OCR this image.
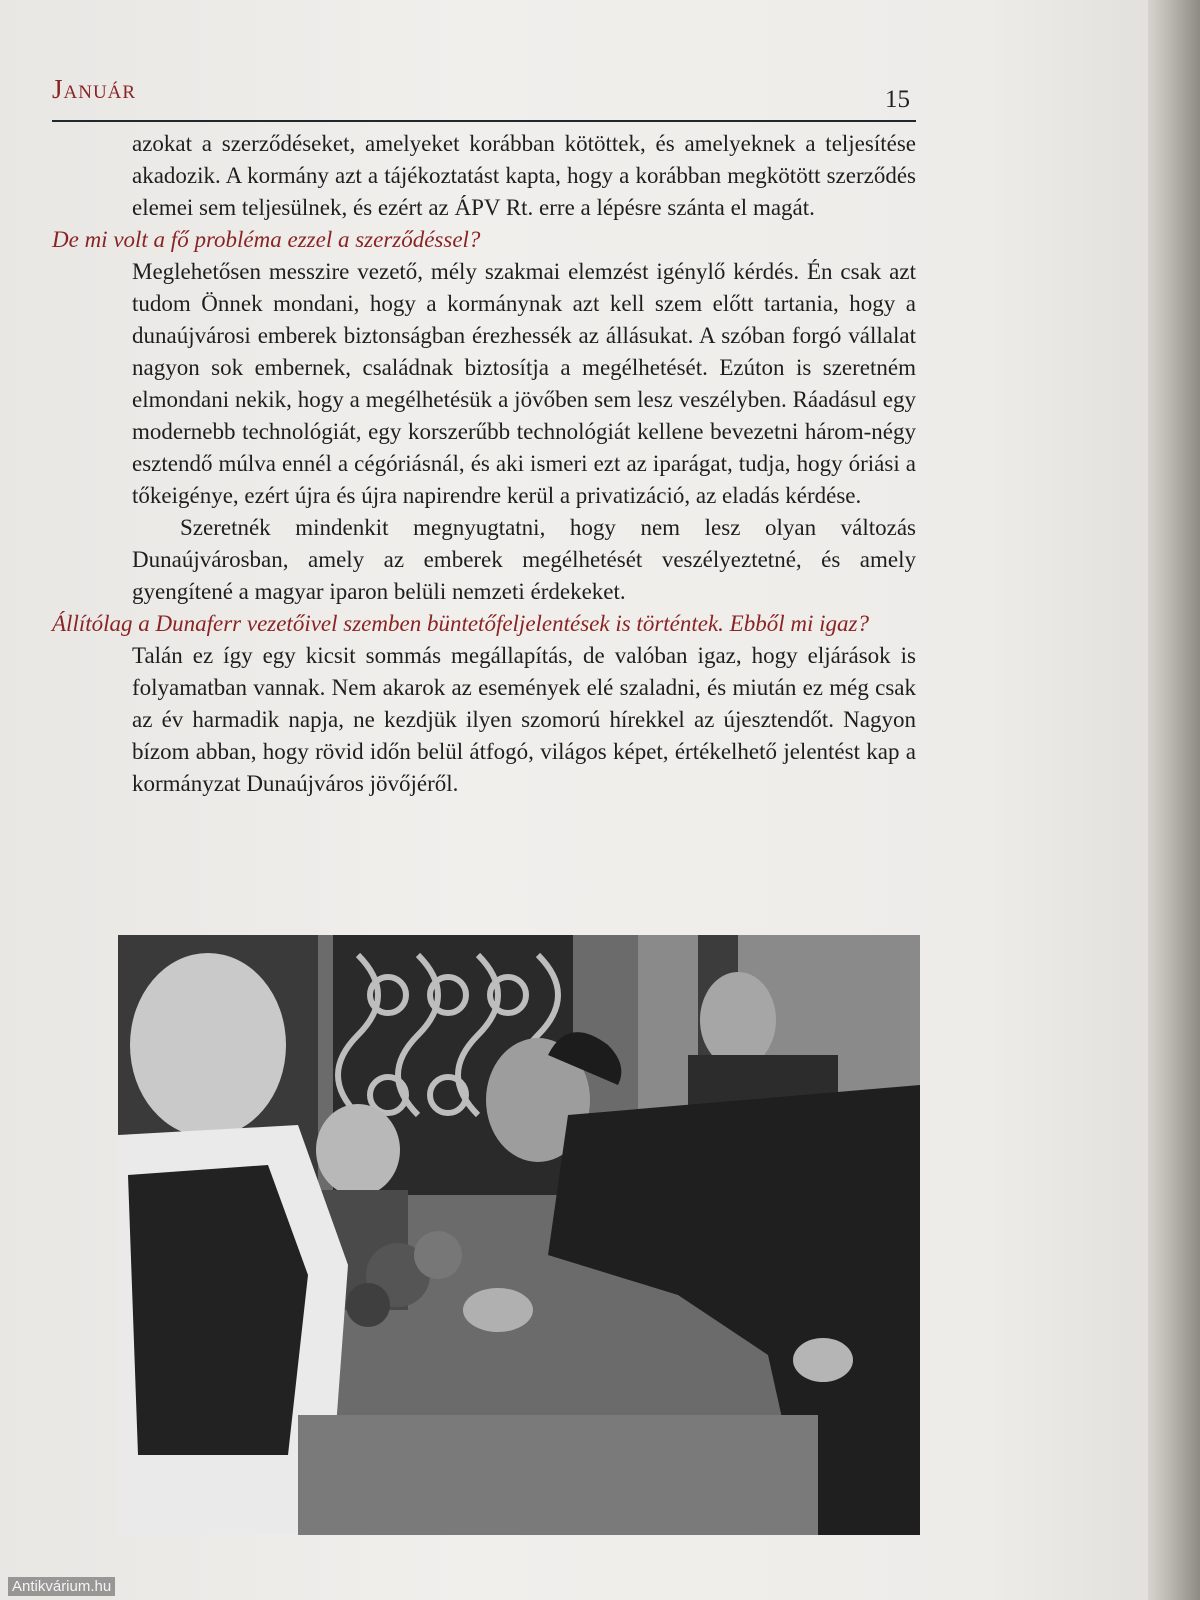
Január	15

azokat a szerződéseket, amelyeket korábban kötöttek, és amelyeknek a teljesítése akadozik. A kormány azt a tájékoztatást kapta, hogy a korábban megkötött szerződés elemei sem teljesülnek, és ezért az ÁPV Rt. erre a lépésre szánta el magát.

De mi volt a fő probléma ezzel a szerződéssel?

Meglehetősen messzire vezető, mély szakmai elemzést igénylő kérdés. Én csak azt tudom Önnek mondani, hogy a kormánynak azt kell szem előtt tartania, hogy a dunaújvárosi emberek biztonságban érezhessék az állásukat. A szóban forgó vállalat nagyon sok embernek, családnak biztosítja a megélhetését. Ezúton is szeretném elmondani nekik, hogy a megélhetésük a jövőben sem lesz veszélyben. Ráadásul egy modernebb technológiát, egy korszerűbb technológiát kellene bevezetni három-négy esztendő múlva ennél a cégóriásnál, és aki ismeri ezt az iparágat, tudja, hogy óriási a tőkeigénye, ezért újra és újra napirendre kerül a privatizáció, az eladás kérdése.

Szeretnék mindenkit megnyugtatni, hogy nem lesz olyan változás Dunaújvárosban, amely az emberek megélhetését veszélyeztetné, és amely gyengítené a magyar iparon belüli nemzeti érdekeket.

Állítólag a Dunaferr vezetőivel szemben büntetőfeljelentések is történtek. Ebből mi igaz?

Talán ez így egy kicsit sommás megállapítás, de valóban igaz, hogy eljárások is folyamatban vannak. Nem akarok az események elé szaladni, és miután ez még csak az év harmadik napja, ne kezdjük ilyen szomorú hírekkel az újesztendőt. Nagyon bízom abban, hogy rövid időn belül átfogó, világos képet, értékelhető jelentést kap a kormányzat Dunaújváros jövőjéről.

Antikvárium.hu
